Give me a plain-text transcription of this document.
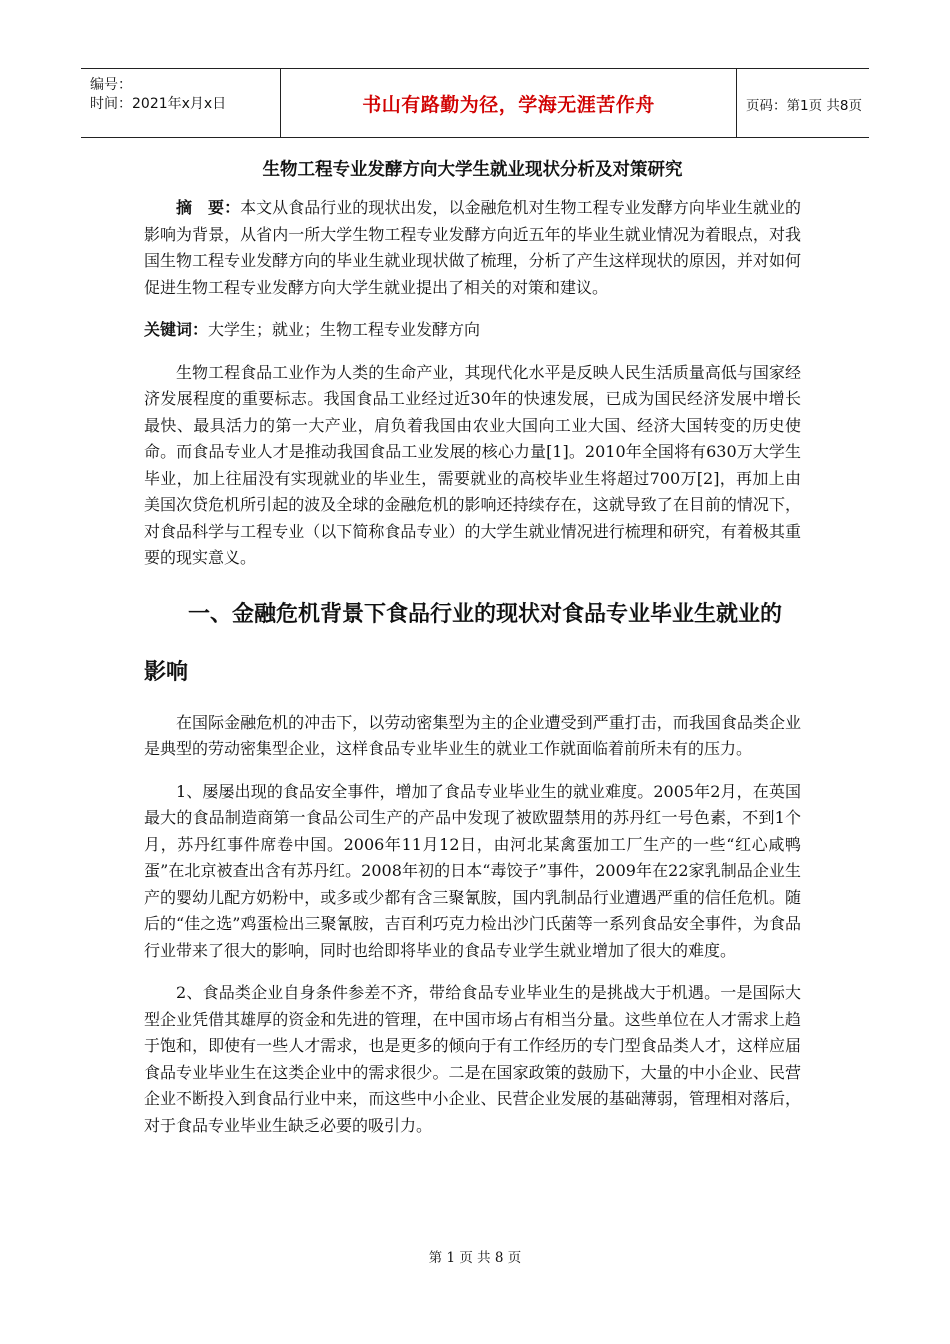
编号：
时间：2021年x月x日	书山有路勤为径，学海无涯苦作舟	页码：第1页 共8页
生物工程专业发酵方向大学生就业现状分析及对策研究

摘　要：本文从食品行业的现状出发，以金融危机对生物工程专业发酵方向毕业生就业的影响为背景，从省内一所大学生物工程专业发酵方向近五年的毕业生就业情况为着眼点，对我国生物工程专业发酵方向的毕业生就业现状做了梳理，分析了产生这样现状的原因，并对如何促进生物工程专业发酵方向大学生就业提出了相关的对策和建议。

关键词：大学生；就业；生物工程专业发酵方向

生物工程食品工业作为人类的生命产业，其现代化水平是反映人民生活质量高低与国家经济发展程度的重要标志。我国食品工业经过近30年的快速发展，已成为国民经济发展中增长最快、最具活力的第一大产业，肩负着我国由农业大国向工业大国、经济大国转变的历史使命。而食品专业人才是推动我国食品工业发展的核心力量[1]。2010年全国将有630万大学生毕业，加上往届没有实现就业的毕业生，需要就业的高校毕业生将超过700万[2]，再加上由美国次贷危机所引起的波及全球的金融危机的影响还持续存在，这就导致了在目前的情况下，对食品科学与工程专业（以下简称食品专业）的大学生就业情况进行梳理和研究，有着极其重要的现实意义。

一、金融危机背景下食品行业的现状对食品专业毕业生就业的影响

在国际金融危机的冲击下，以劳动密集型为主的企业遭受到严重打击，而我国食品类企业是典型的劳动密集型企业，这样食品专业毕业生的就业工作就面临着前所未有的压力。

1、屡屡出现的食品安全事件，增加了食品专业毕业生的就业难度。2005年2月，在英国最大的食品制造商第一食品公司生产的产品中发现了被欧盟禁用的苏丹红一号色素，不到1个月，苏丹红事件席卷中国。2006年11月12日，由河北某禽蛋加工厂生产的一些“红心咸鸭蛋”在北京被查出含有苏丹红。2008年初的日本“毒饺子”事件，2009年在22家乳制品企业生产的婴幼儿配方奶粉中，或多或少都有含三聚氰胺，国内乳制品行业遭遇严重的信任危机。随后的“佳之选”鸡蛋检出三聚氰胺，吉百利巧克力检出沙门氏菌等一系列食品安全事件，为食品行业带来了很大的影响，同时也给即将毕业的食品专业学生就业增加了很大的难度。

2、食品类企业自身条件参差不齐，带给食品专业毕业生的是挑战大于机遇。一是国际大型企业凭借其雄厚的资金和先进的管理，在中国市场占有相当分量。这些单位在人才需求上趋于饱和，即使有一些人才需求，也是更多的倾向于有工作经历的专门型食品类人才，这样应届食品专业毕业生在这类企业中的需求很少。二是在国家政策的鼓励下，大量的中小企业、民营企业不断投入到食品行业中来，而这些中小企业、民营企业发展的基础薄弱，管理相对落后，对于食品专业毕业生缺乏必要的吸引力。

第 1 页 共 8 页
